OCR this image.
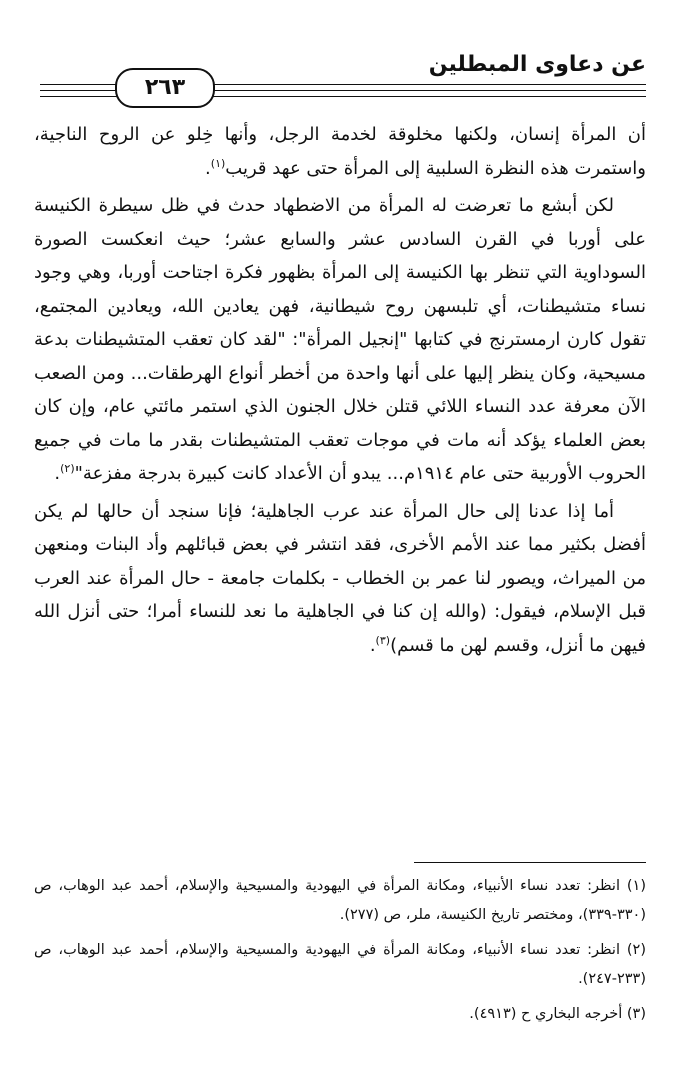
عن دعاوى المبطلين
٢٦٣

أن المرأة إنسان، ولكنها مخلوقة لخدمة الرجل، وأنها خِلو عن الروح الناجية، واستمرت هذه النظرة السلبية إلى المرأة حتى عهد قريب$^{(١)}$.

لكن أبشع ما تعرضت له المرأة من الاضطهاد حدث في ظل سيطرة الكنيسة على أوربا في القرن السادس عشر والسابع عشر؛ حيث انعكست الصورة السوداوية التي تنظر بها الكنيسة إلى المرأة بظهور فكرة اجتاحت أوربا، وهي وجود نساء متشيطنات، أي تلبسهن روح شيطانية، فهن يعادين الله، ويعادين المجتمع، تقول كارن ارمسترنج في كتابها "إنجيل المرأة": "لقد كان تعقب المتشيطنات بدعة مسيحية، وكان ينظر إليها على أنها واحدة من أخطر أنواع الهرطقات... ومن الصعب الآن معرفة عدد النساء اللائي قتلن خلال الجنون الذي استمر مائتي عام، وإن كان بعض العلماء يؤكد أنه مات في موجات تعقب المتشيطنات بقدر ما مات في جميع الحروب الأوربية حتى عام ١٩١٤م... يبدو أن الأعداد كانت كبيرة بدرجة مفزعة"$^{(٢)}$.

أما إذا عدنا إلى حال المرأة عند عرب الجاهلية؛ فإنا سنجد أن حالها لم يكن أفضل بكثير مما عند الأمم الأخرى، فقد انتشر في بعض قبائلهم وأد البنات ومنعهن من الميراث، ويصور لنا عمر بن الخطاب - بكلمات جامعة - حال المرأة عند العرب قبل الإسلام، فيقول: (والله إن كنا في الجاهلية ما نعد للنساء أمرا؛ حتى أنزل الله فيهن ما أنزل، وقسم لهن ما قسم)$^{(٣)}$.

(١) انظر: تعدد نساء الأنبياء، ومكانة المرأة في اليهودية والمسيحية والإسلام، أحمد عبد الوهاب، ص (٣٣٠-٣٣٩)، ومختصر تاريخ الكنيسة، ملر، ص (٢٧٧).

(٢) انظر: تعدد نساء الأنبياء، ومكانة المرأة في اليهودية والمسيحية والإسلام، أحمد عبد الوهاب، ص (٢٣٣-٢٤٧).

(٣) أخرجه البخاري ح (٤٩١٣).
